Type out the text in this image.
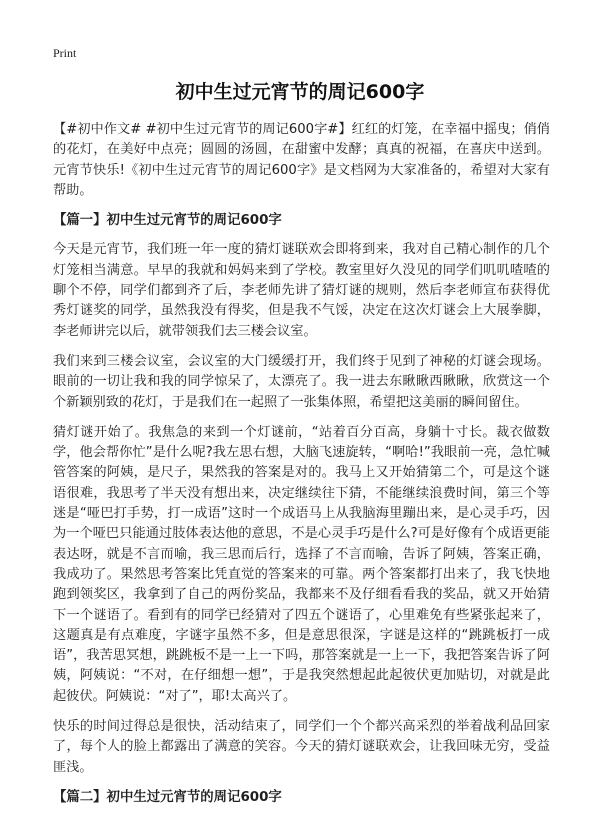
Print
初中生过元宵节的周记600字

【#初中作文# #初中生过元宵节的周记600字#】红红的灯笼，在幸福中摇曳；俏俏的花灯，在美好中点亮；圆圆的汤圆，在甜蜜中发酵；真真的祝福，在喜庆中送到。元宵节快乐!《初中生过元宵节的周记600字》是文档网为大家准备的，希望对大家有帮助。

【篇一】初中生过元宵节的周记600字

今天是元宵节，我们班一年一度的猜灯谜联欢会即将到来，我对自己精心制作的几个灯笼相当满意。早早的我就和妈妈来到了学校。教室里好久没见的同学们叽叽喳喳的聊个不停，同学们都到齐了后，李老师先讲了猜灯谜的规则，然后李老师宣布获得优秀灯谜奖的同学，虽然我没有得奖，但是我不气馁，决定在这次灯谜会上大展拳脚，李老师讲完以后，就带领我们去三楼会议室。

我们来到三楼会议室，会议室的大门缓缓打开，我们终于见到了神秘的灯谜会现场。眼前的一切让我和我的同学惊呆了，太漂亮了。我一进去东瞅瞅西瞅瞅，欣赏这一个个新颖别致的花灯，于是我们在一起照了一张集体照，希望把这美丽的瞬间留住。

猜灯谜开始了。我焦急的来到一个灯谜前，“站着百分百高，身躺十寸长。裁衣做数学，他会帮你忙”是什么呢?我左思右想，大脑飞速旋转，“啊哈!”我眼前一亮，急忙喊管答案的阿姨，是尺子，果然我的答案是对的。我马上又开始猜第二个，可是这个谜语很难，我思考了半天没有想出来，决定继续往下猜，不能继续浪费时间，第三个等迷是“哑巴打手势，打一成语”这时一个成语马上从我脑海里蹦出来，是心灵手巧，因为一个哑巴只能通过肢体表达他的意思，不是心灵手巧是什么?可是好像有个成语更能表达呀，就是不言而喻，我三思而后行，选择了不言而喻，告诉了阿姨，答案正确，我成功了。果然思考答案比凭直觉的答案来的可靠。两个答案都打出来了，我飞快地跑到领奖区，我拿到了自己的两份奖品，我都来不及仔细看看我的奖品，就又开始猜下一个谜语了。看到有的同学已经猜对了四五个谜语了，心里难免有些紧张起来了，这题真是有点难度，字谜字虽然不多，但是意思很深，字谜是这样的“跳跳板打一成语”，我苦思冥想，跳跳板不是一上一下吗，那答案就是一上一下，我把答案告诉了阿姨，阿姨说：“不对，在仔细想一想”，于是我突然想起此起彼伏更加贴切，对就是此起彼伏。阿姨说：“对了”，耶!太高兴了。

快乐的时间过得总是很快，活动结束了，同学们一个个都兴高采烈的举着战利品回家了，每个人的脸上都露出了满意的笑容。今天的猜灯谜联欢会，让我回味无穷，受益匪浅。

【篇二】初中生过元宵节的周记600字
